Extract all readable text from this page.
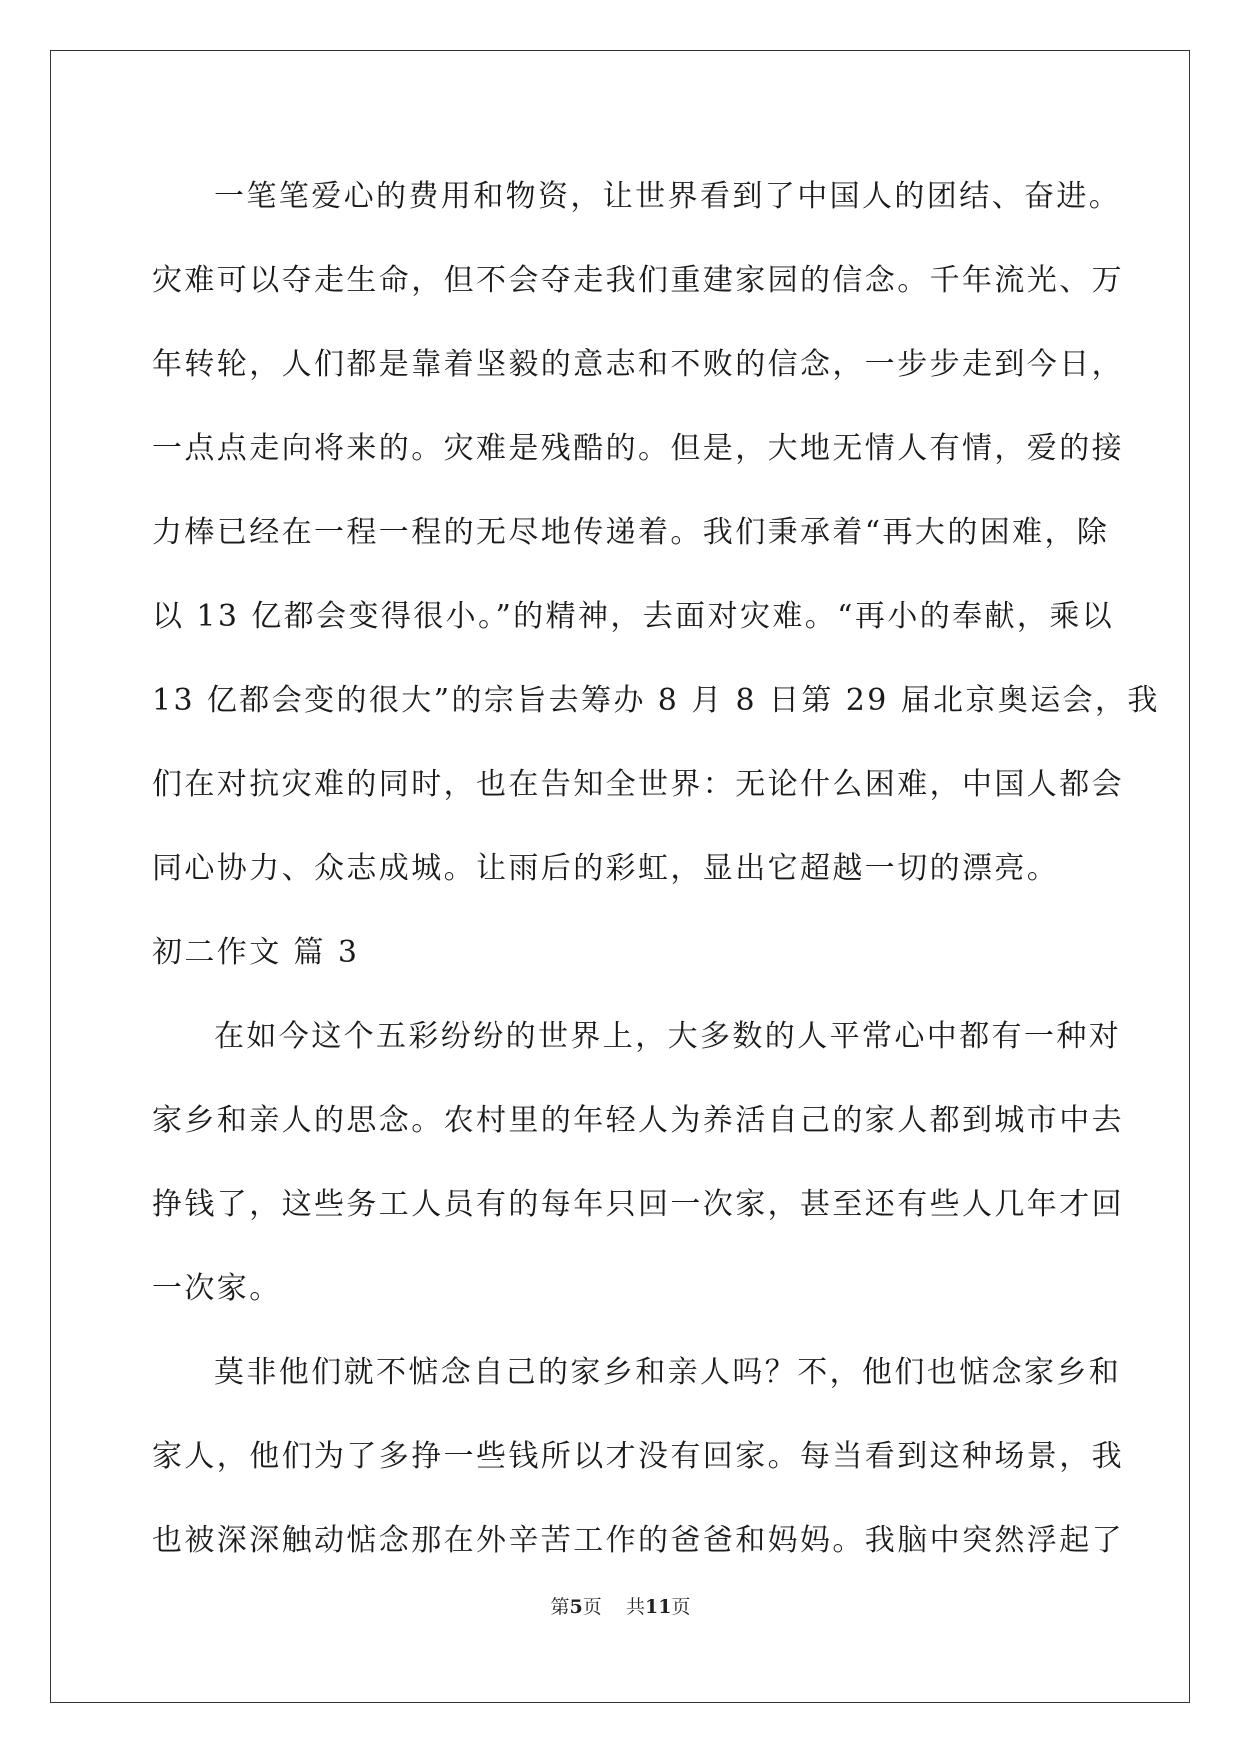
一笔笔爱心的费用和物资，让世界看到了中国人的团结、奋进。
灾难可以夺走生命，但不会夺走我们重建家园的信念。千年流光、万
年转轮，人们都是靠着坚毅的意志和不败的信念，一步步走到今日，
一点点走向将来的。灾难是残酷的。但是，大地无情人有情，爱的接
力棒已经在一程一程的无尽地传递着。我们秉承着“再大的困难，除
以 13 亿都会变得很小。”的精神，去面对灾难。“再小的奉献，乘以
13 亿都会变的很大”的宗旨去筹办 8 月 8 日第 29 届北京奥运会，我
们在对抗灾难的同时，也在告知全世界：无论什么困难，中国人都会
同心协力、众志成城。让雨后的彩虹，显出它超越一切的漂亮。
初二作文 篇 3
在如今这个五彩纷纷的世界上，大多数的人平常心中都有一种对
家乡和亲人的思念。农村里的年轻人为养活自己的家人都到城市中去
挣钱了，这些务工人员有的每年只回一次家，甚至还有些人几年才回
一次家。
莫非他们就不惦念自己的家乡和亲人吗？不，他们也惦念家乡和
家人，他们为了多挣一些钱所以才没有回家。每当看到这种场景，我
也被深深触动惦念那在外辛苦工作的爸爸和妈妈。我脑中突然浮起了
第5页 共11页
